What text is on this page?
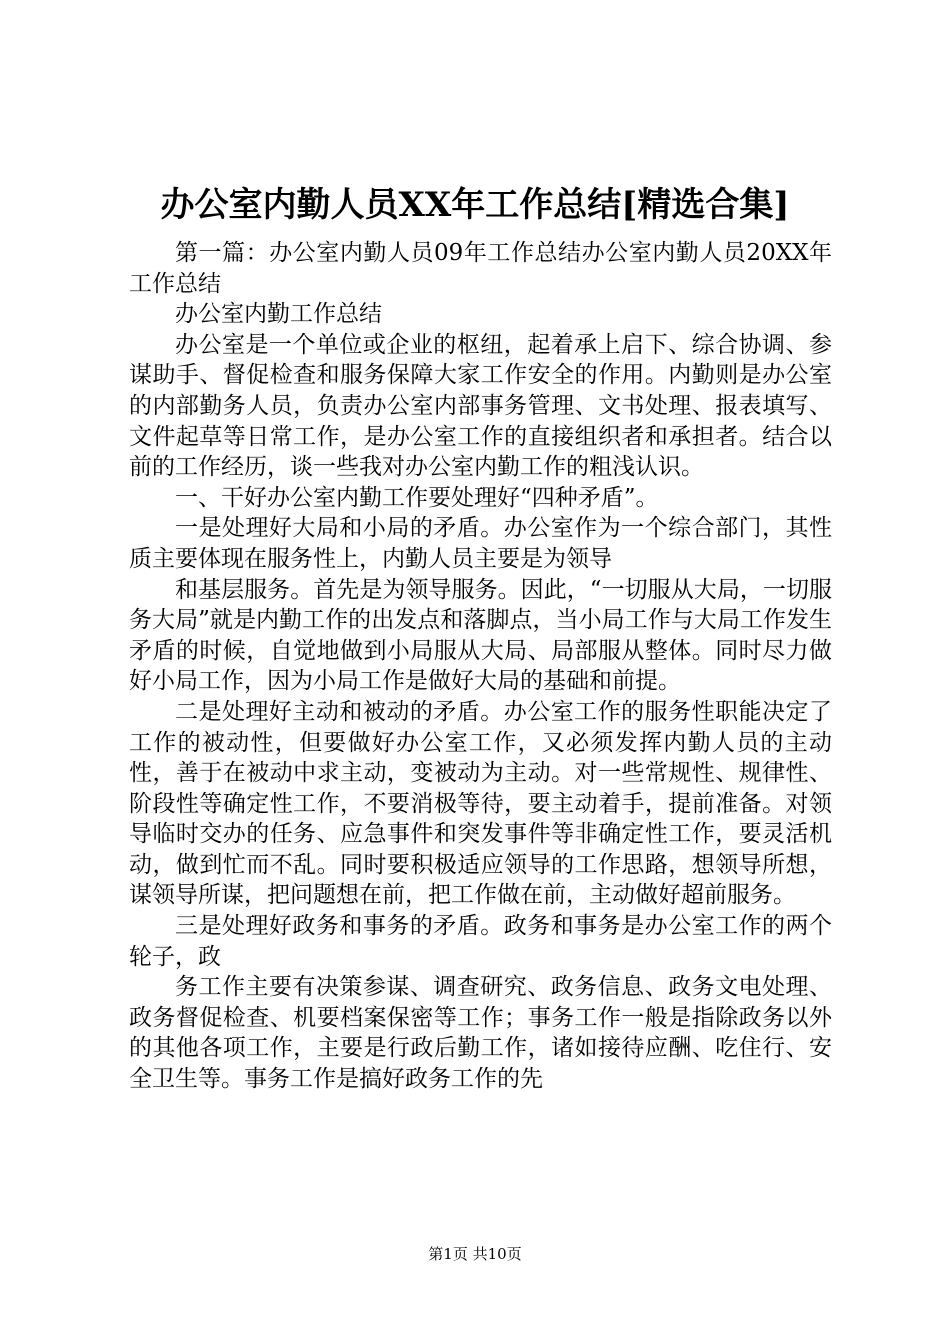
办公室内勤人员XX年工作总结[精选合集]

第一篇：办公室内勤人员09年工作总结办公室内勤人员20XX年工作总结

办公室内勤工作总结

办公室是一个单位或企业的枢纽，起着承上启下、综合协调、参谋助手、督促检查和服务保障大家工作安全的作用。内勤则是办公室的内部勤务人员，负责办公室内部事务管理、文书处理、报表填写、文件起草等日常工作，是办公室工作的直接组织者和承担者。结合以前的工作经历，谈一些我对办公室内勤工作的粗浅认识。

一、干好办公室内勤工作要处理好“四种矛盾”。

一是处理好大局和小局的矛盾。办公室作为一个综合部门，其性质主要体现在服务性上，内勤人员主要是为领导

和基层服务。首先是为领导服务。因此，“一切服从大局，一切服务大局”就是内勤工作的出发点和落脚点，当小局工作与大局工作发生矛盾的时候，自觉地做到小局服从大局、局部服从整体。同时尽力做好小局工作，因为小局工作是做好大局的基础和前提。

二是处理好主动和被动的矛盾。办公室工作的服务性职能决定了工作的被动性，但要做好办公室工作，又必须发挥内勤人员的主动性，善于在被动中求主动，变被动为主动。对一些常规性、规律性、阶段性等确定性工作，不要消极等待，要主动着手，提前准备。对领导临时交办的任务、应急事件和突发事件等非确定性工作，要灵活机动，做到忙而不乱。同时要积极适应领导的工作思路，想领导所想，谋领导所谋，把问题想在前，把工作做在前，主动做好超前服务。

三是处理好政务和事务的矛盾。政务和事务是办公室工作的两个轮子，政

务工作主要有决策参谋、调查研究、政务信息、政务文电处理、政务督促检查、机要档案保密等工作；事务工作一般是指除政务以外的其他各项工作，主要是行政后勤工作，诸如接待应酬、吃住行、安全卫生等。事务工作是搞好政务工作的先

第1页 共10页
